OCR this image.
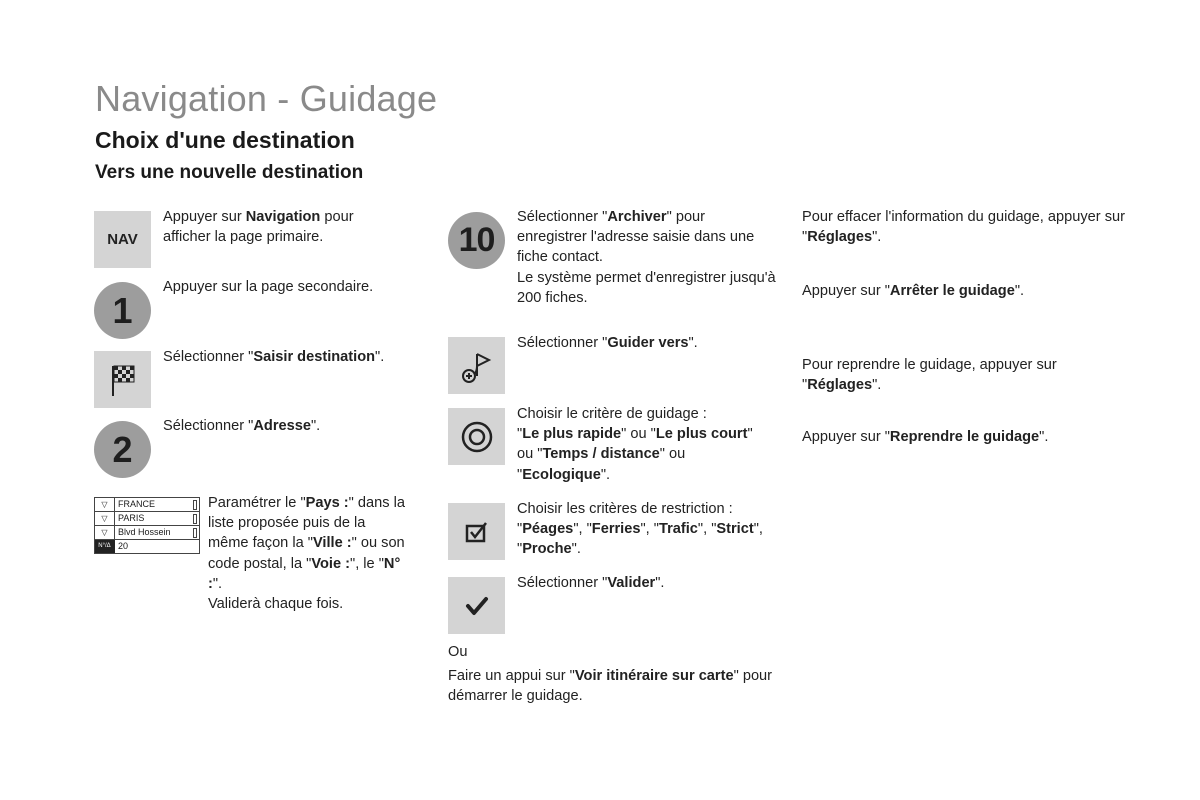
Navigation - Guidage
Choix d'une destination
Vers une nouvelle destination
NAV
Appuyer sur Navigation pour afficher la page primaire.
1
Appuyer sur la page secondaire.
Sélectionner "Saisir destination".
2
Sélectionner "Adresse".
▽	FRANCE
▽	PARIS
▽	Blvd Hossein
N°/Δ 20
Paramétrer le "Pays :" dans la liste proposée puis de la même façon la "Ville :" ou son code postal, la "Voie :", le "N° :".
Validerà chaque fois.
10
Sélectionner "Archiver" pour enregistrer l'adresse saisie dans une fiche contact.
Le système permet d'enregistrer jusqu'à 200 fiches.
Sélectionner "Guider vers".
Choisir le critère de guidage :
"Le plus rapide" ou "Le plus court" ou "Temps / distance" ou "Ecologique".
Choisir les critères de restriction :
"Péages", "Ferries", "Trafic", "Strict", "Proche".
Sélectionner "Valider".
Ou
Faire un appui sur "Voir itinéraire sur carte" pour démarrer le guidage.
Pour effacer l'information du guidage, appuyer sur "Réglages".
Appuyer sur "Arrêter le guidage".
Pour reprendre le guidage, appuyer sur "Réglages".
Appuyer sur "Reprendre le guidage".
